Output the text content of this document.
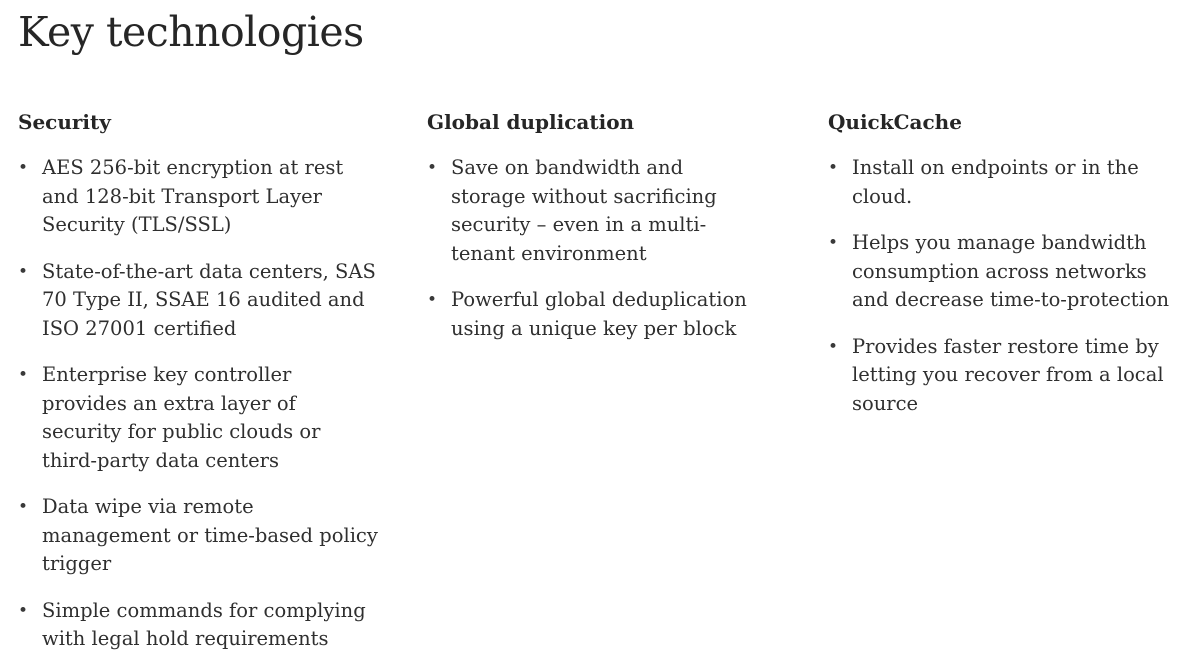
Key technologies
Security
• AES 256-bit encryption at rest and 128-bit Transport Layer Security (TLS/SSL)
• State-of-the-art data centers, SAS 70 Type II, SSAE 16 audited and ISO 27001 certified
• Enterprise key controller provides an extra layer of security for public clouds or third-party data centers
• Data wipe via remote management or time-based policy trigger
• Simple commands for complying with legal hold requirements
Global duplication
• Save on bandwidth and storage without sacrificing security – even in a multi-tenant environment
• Powerful global deduplication using a unique key per block
QuickCache
• Install on endpoints or in the cloud.
• Helps you manage bandwidth consumption across networks and decrease time-to-protection
• Provides faster restore time by letting you recover from a local source
